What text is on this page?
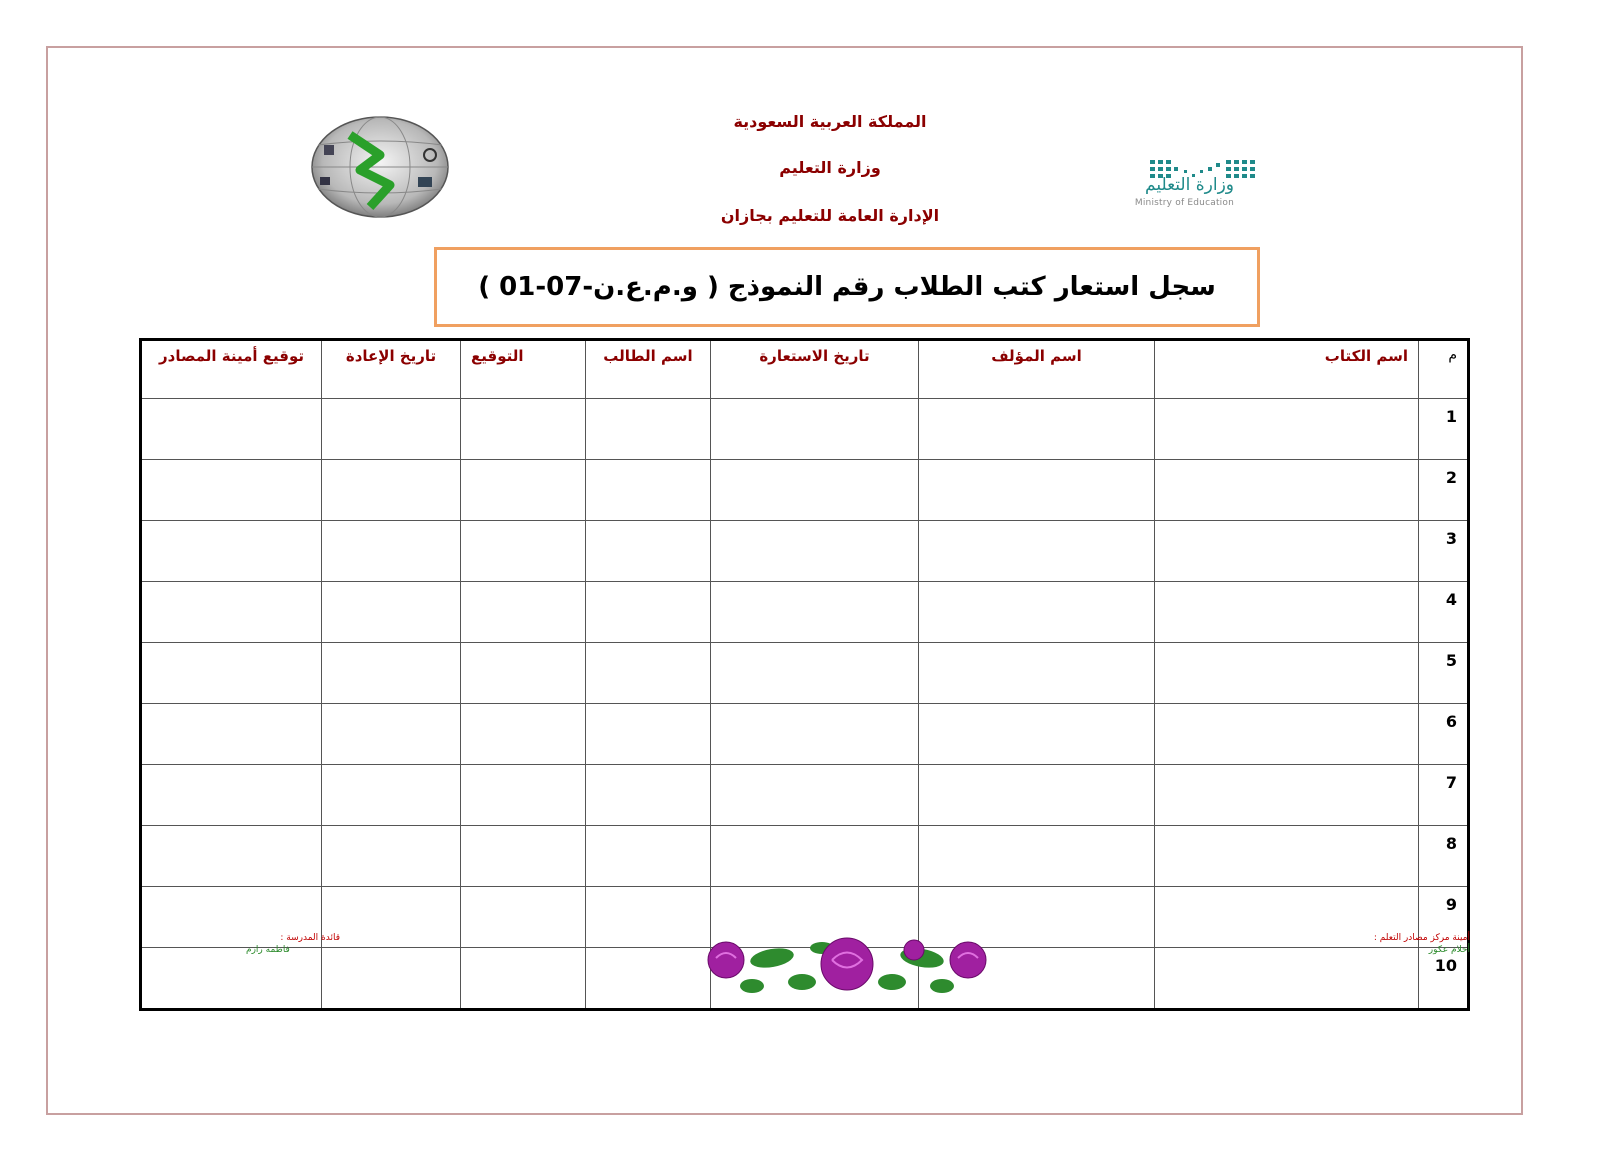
المملكة العربية السعودية
وزارة التعليم
الإدارة العامة للتعليم بجازان
وزارة التعليم
Ministry of Education
سجل استعار كتب الطلاب رقم النموذج ( و.م.ع.ن-07-01 )
م	اسم الكتاب	اسم المؤلف	تاريخ الاستعارة	اسم الطالب	التوقيع	تاريخ الإعادة	توقيع أمينة المصادر
1							
2							
3							
4							
5							
6							
7							
8							
9							
10							
أمينة مركز مصادر التعلم :
أحلام عكور
قائدة المدرسة :
فاطمه رازم
